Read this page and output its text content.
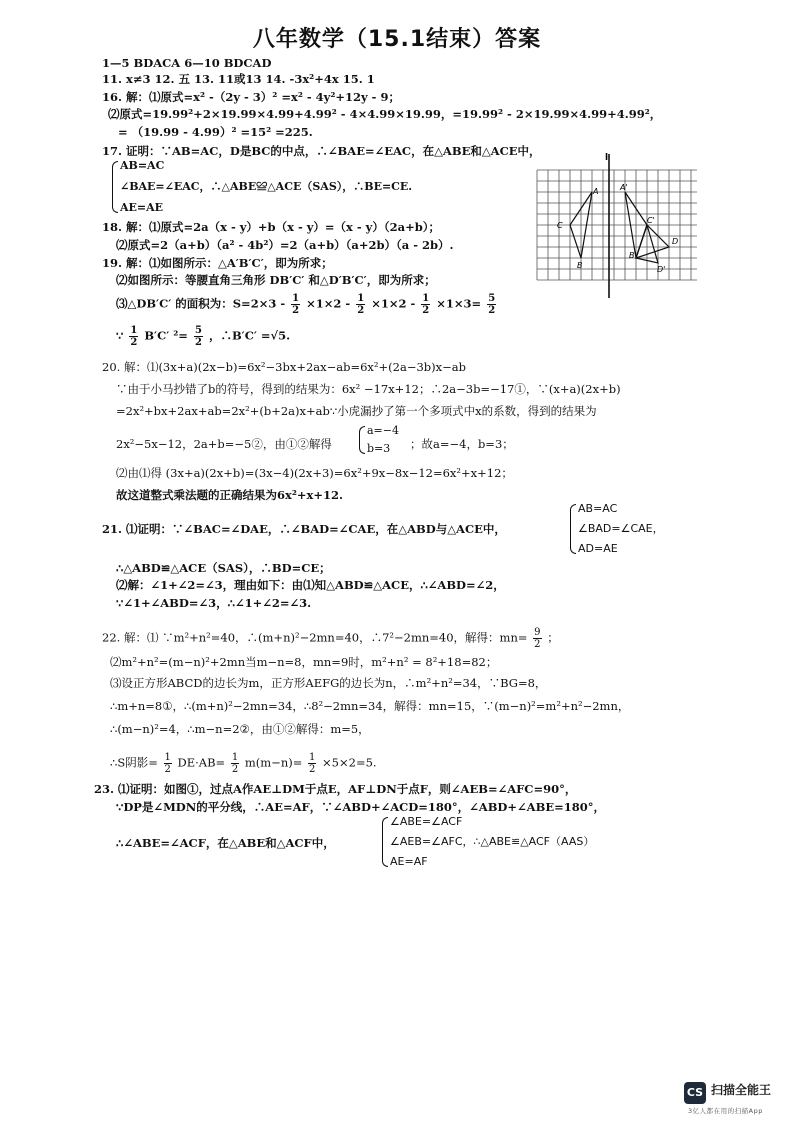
八年数学（15.1结束）答案
1—5 BDACA 6—10 BDCAD
11. x≠3 12. 五 13. 11或13 14. -3x²+4x 15. 1
16. 解：⑴原式=x² -（2y - 3）² =x² - 4y²+12y - 9；
⑵原式=19.99²+2×19.99×4.99+4.99² - 4×4.99×19.99，=19.99² - 2×19.99×4.99+4.99²，
= （19.99 - 4.99）² =15² =225.
17. 证明：∵AB=AC，D是BC的中点，∴∠BAE=∠EAC，在△ABE和△ACE中，
AB=AC
∠BAE=∠EAC，∴△ABE≌△ACE（SAS），∴BE=CE.
AE=AE
l
A	A'
C
C'
B
B'
D
D'
18. 解：⑴原式=2a（x - y）+b（x - y）=（x - y）（2a+b）；
⑵原式=2（a+b）（a² - 4b²）=2（a+b）（a+2b）（a - 2b）.
19. 解：⑴如图所示：△A′B′C′，即为所求；
⑵如图所示：等腰直角三角形 DB′C′ 和△D′B′C′，即为所求；
⑶△DB′C′ 的面积为：$S=2\times 3 - \frac{1}{2} \times 1\times 2 - \frac{1}{2} \times 1\times 2 - \frac{1}{2} \times 1\times 3= \frac{5}{2}$
∵ $\frac{1}{2} B'C'$ $^2= \frac{5}{2}$ ，∴B′C′ =√5.
20. 解：⑴(3x+a)(2x−b)=6x²−3bx+2ax−ab=6x²+(2a−3b)x−ab
∵由于小马抄错了b的符号，得到的结果为：6x² −17x+12；∴2a−3b=−17①，∵(x+a)(2x+b)
=2x²+bx+2ax+ab=2x²+(b+2a)x+ab∵小虎漏抄了第一个多项式中x的系数，得到的结果为
2x²−5x−12，2a+b=−5②，由①②解得
a=−4
b=3	；故a=−4，b=3；
⑵由⑴得 (3x+a)(2x+b)=(3x−4)(2x+3)=6x²+9x−8x−12=6x²+x+12；
故这道整式乘法题的正确结果为6x²+x+12.
21. ⑴证明：∵∠BAC=∠DAE，∴∠BAD=∠CAE，在△ABD与△ACE中，
AB=AC
∠BAD=∠CAE，
AD=AE
∴△ABD≌△ACE（SAS），∴BD=CE；
⑵解：∠1+∠2=∠3，理由如下：由⑴知△ABD≌△ACE，∴∠ABD=∠2，
∵∠1+∠ABD=∠3，∴∠1+∠2=∠3.
22. 解：⑴ ∵m²+n²=40，∴(m+n)²−2mn=40，∴7²−2mn=40，解得：$mn= \frac{9}{2}$ ；
⑵m²+n²=(m−n)²+2mn当m−n=8，mn=9时，m²+n² = 8²+18=82；
⑶设正方形ABCD的边长为m，正方形AEFG的边长为n，∴m²+n²=34，∵BG=8，
∴m+n=8①，∴(m+n)²−2mn=34，∴8²−2mn=34，解得：mn=15，∵(m−n)²=m²+n²−2mn，
∴(m−n)²=4，∴m−n=2②，由①②解得：m=5，
∴S阴影= $\frac{1}{2} DE\cdot AB= \frac{1}{2} m(m-n)= \frac{1}{2} \times 5\times 2=5$.
23. ⑴证明：如图①，过点A作AE⊥DM于点E，AF⊥DN于点F，则∠AEB=∠AFC=90°，
∵DP是∠MDN的平分线，∴AE=AF，∵∠ABD+∠ACD=180°，∠ABD+∠ABE=180°，
∴∠ABE=∠ACF，在△ABE和△ACF中，
∠ABE=∠ACF
∠AEB=∠AFC，∴△ABE≌△ACF（AAS）
AE=AF
CS 扫描全能王
3亿人都在用的扫描App
